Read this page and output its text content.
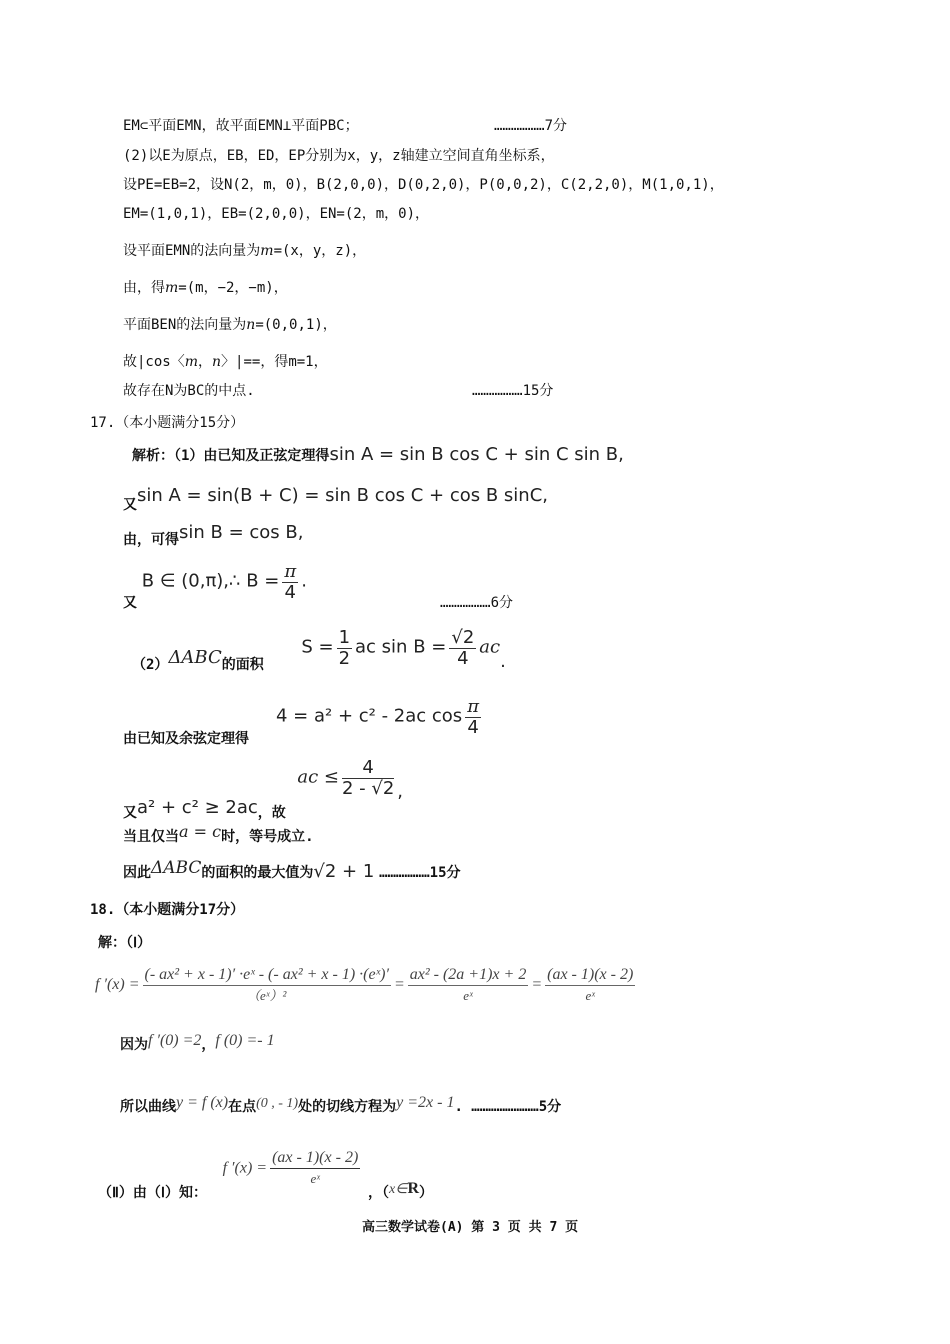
EM⊂平面EMN，故平面EMN⊥平面PBC；	………………7分
(2)以E为原点，EB，ED，EP分别为x，y，z轴建立空间直角坐标系，
设PE=EB=2，设N(2，m，0)，B(2,0,0)，D(0,2,0)，P(0,0,2)，C(2,2,0)，M(1,0,1)，
EM=(1,0,1)，EB=(2,0,0)，EN=(2，m，0)，
设平面EMN的法向量为m=(x，y，z)，
由，得m=(m，−2，−m)，
平面BEN的法向量为n=(0,0,1)，
故|cos〈m，n〉|==，得m=1，
故存在N为BC的中点.	………………15分
17.（本小题满分15分）
解析：（1）由已知及正弦定理得sin A = sin B cos C + sin C sin B,
又sin A = sin(B + C) = sin B cos C + cos B sinC,
由，可得sin B = cos B,
又 B ∈ (0,π),∴ $B = \frac{\pi}{4}$ .
………………6分
（2）ΔABC的面积  $S = \frac{1}{2}$ ac $\sin B = \frac{√2}{4}$ ac.
由已知及余弦定理得
4 = a² + c² - 2ac $\cos \frac{\pi}{4}$
又a² + c² ≥ 2ac，故  ac ≤ $\frac{4}{2 - √2}$ ,
当且仅当a = c时，等号成立.
因此ΔABC的面积的最大值为√2 + 1 ………………15分
18.（本小题满分17分）
解：（Ⅰ）
f $'(x) = \frac{\text{(- ax² + x - 1)′ ·eˣ - (- ax² + x - 1) ·(eˣ)′}}{\text{（eˣ）²}} = \frac{\text{ax² - (2a +1)x + 2}}{\text{eˣ}} = \frac{(ax - 1)(x - 2)}{\text{eˣ}}$
因为f ′(0) =2，f (0) =- 1
所以曲线y = f (x)在点(0 , - 1)处的切线方程为y =2x - 1. ……………………5分
（Ⅱ）由（Ⅰ）知：  f $'(x) = \frac{(ax - 1)(x - 2)}{\text{eˣ}}$
，（x∈R）
高三数学试卷(A) 第 3 页 共 7 页
